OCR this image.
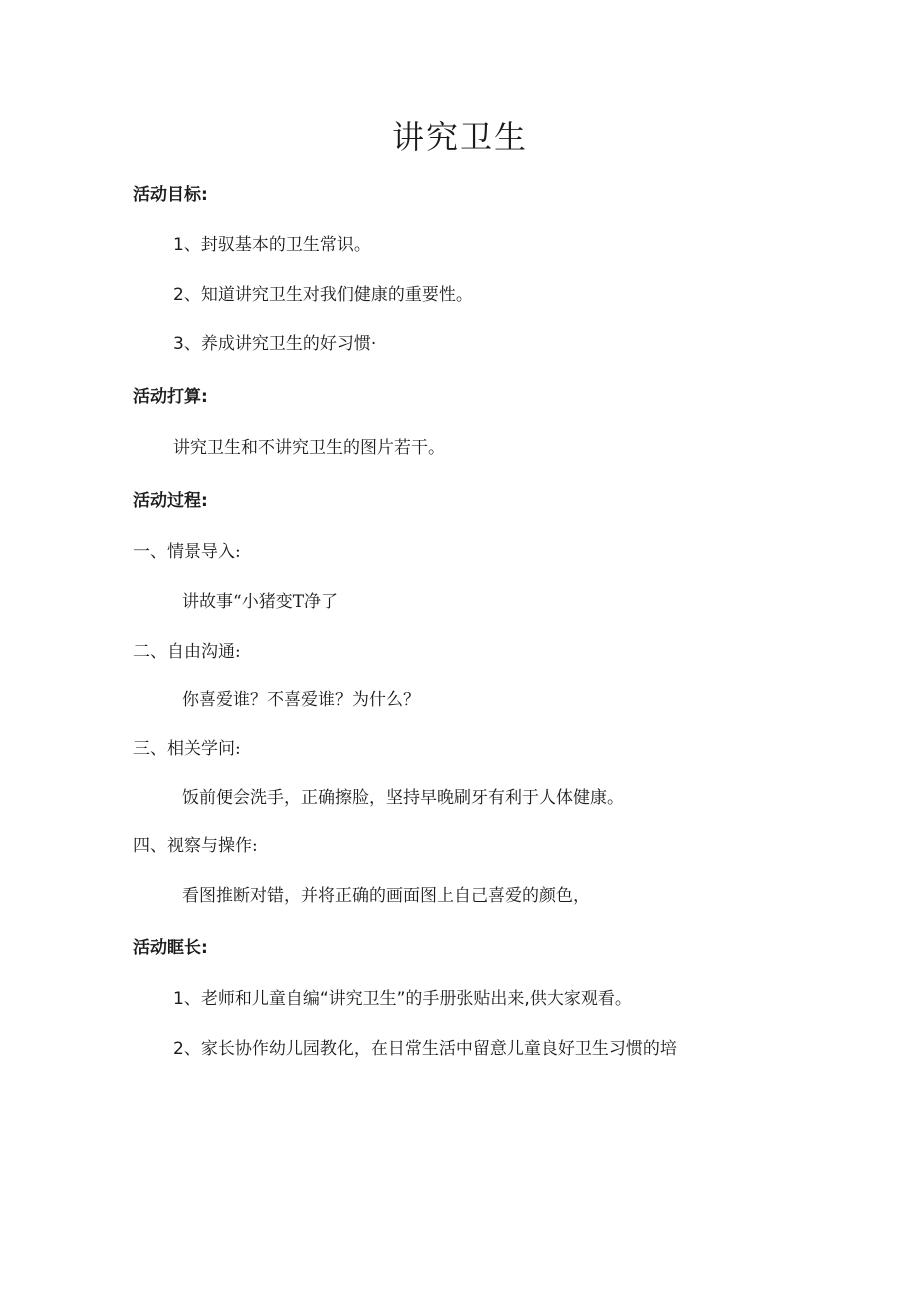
讲究卫生
活动目标:
1、封驭基本的卫生常识。
2、知道讲究卫生对我们健康的重要性。
3、养成讲究卫生的好习惯·
活动打算:
讲究卫生和不讲究卫生的图片若干。
活动过程:
一、情景导入:
讲故事“小猪变T净了
二、自由沟通:
你喜爱谁？不喜爱谁？为什么？
三、相关学问:
饭前便会洗手，正确擦脸，坚持早晚刷牙有利于人体健康。
四、视察与操作:
看图推断对错，并将正确的画面图上自己喜爱的颜色，
活动眶长:
1、老师和儿童自编“讲究卫生”的手册张贴出来,供大家观看。
2、家长协作幼儿园教化，在日常生活中留意儿童良好卫生习惯的培
